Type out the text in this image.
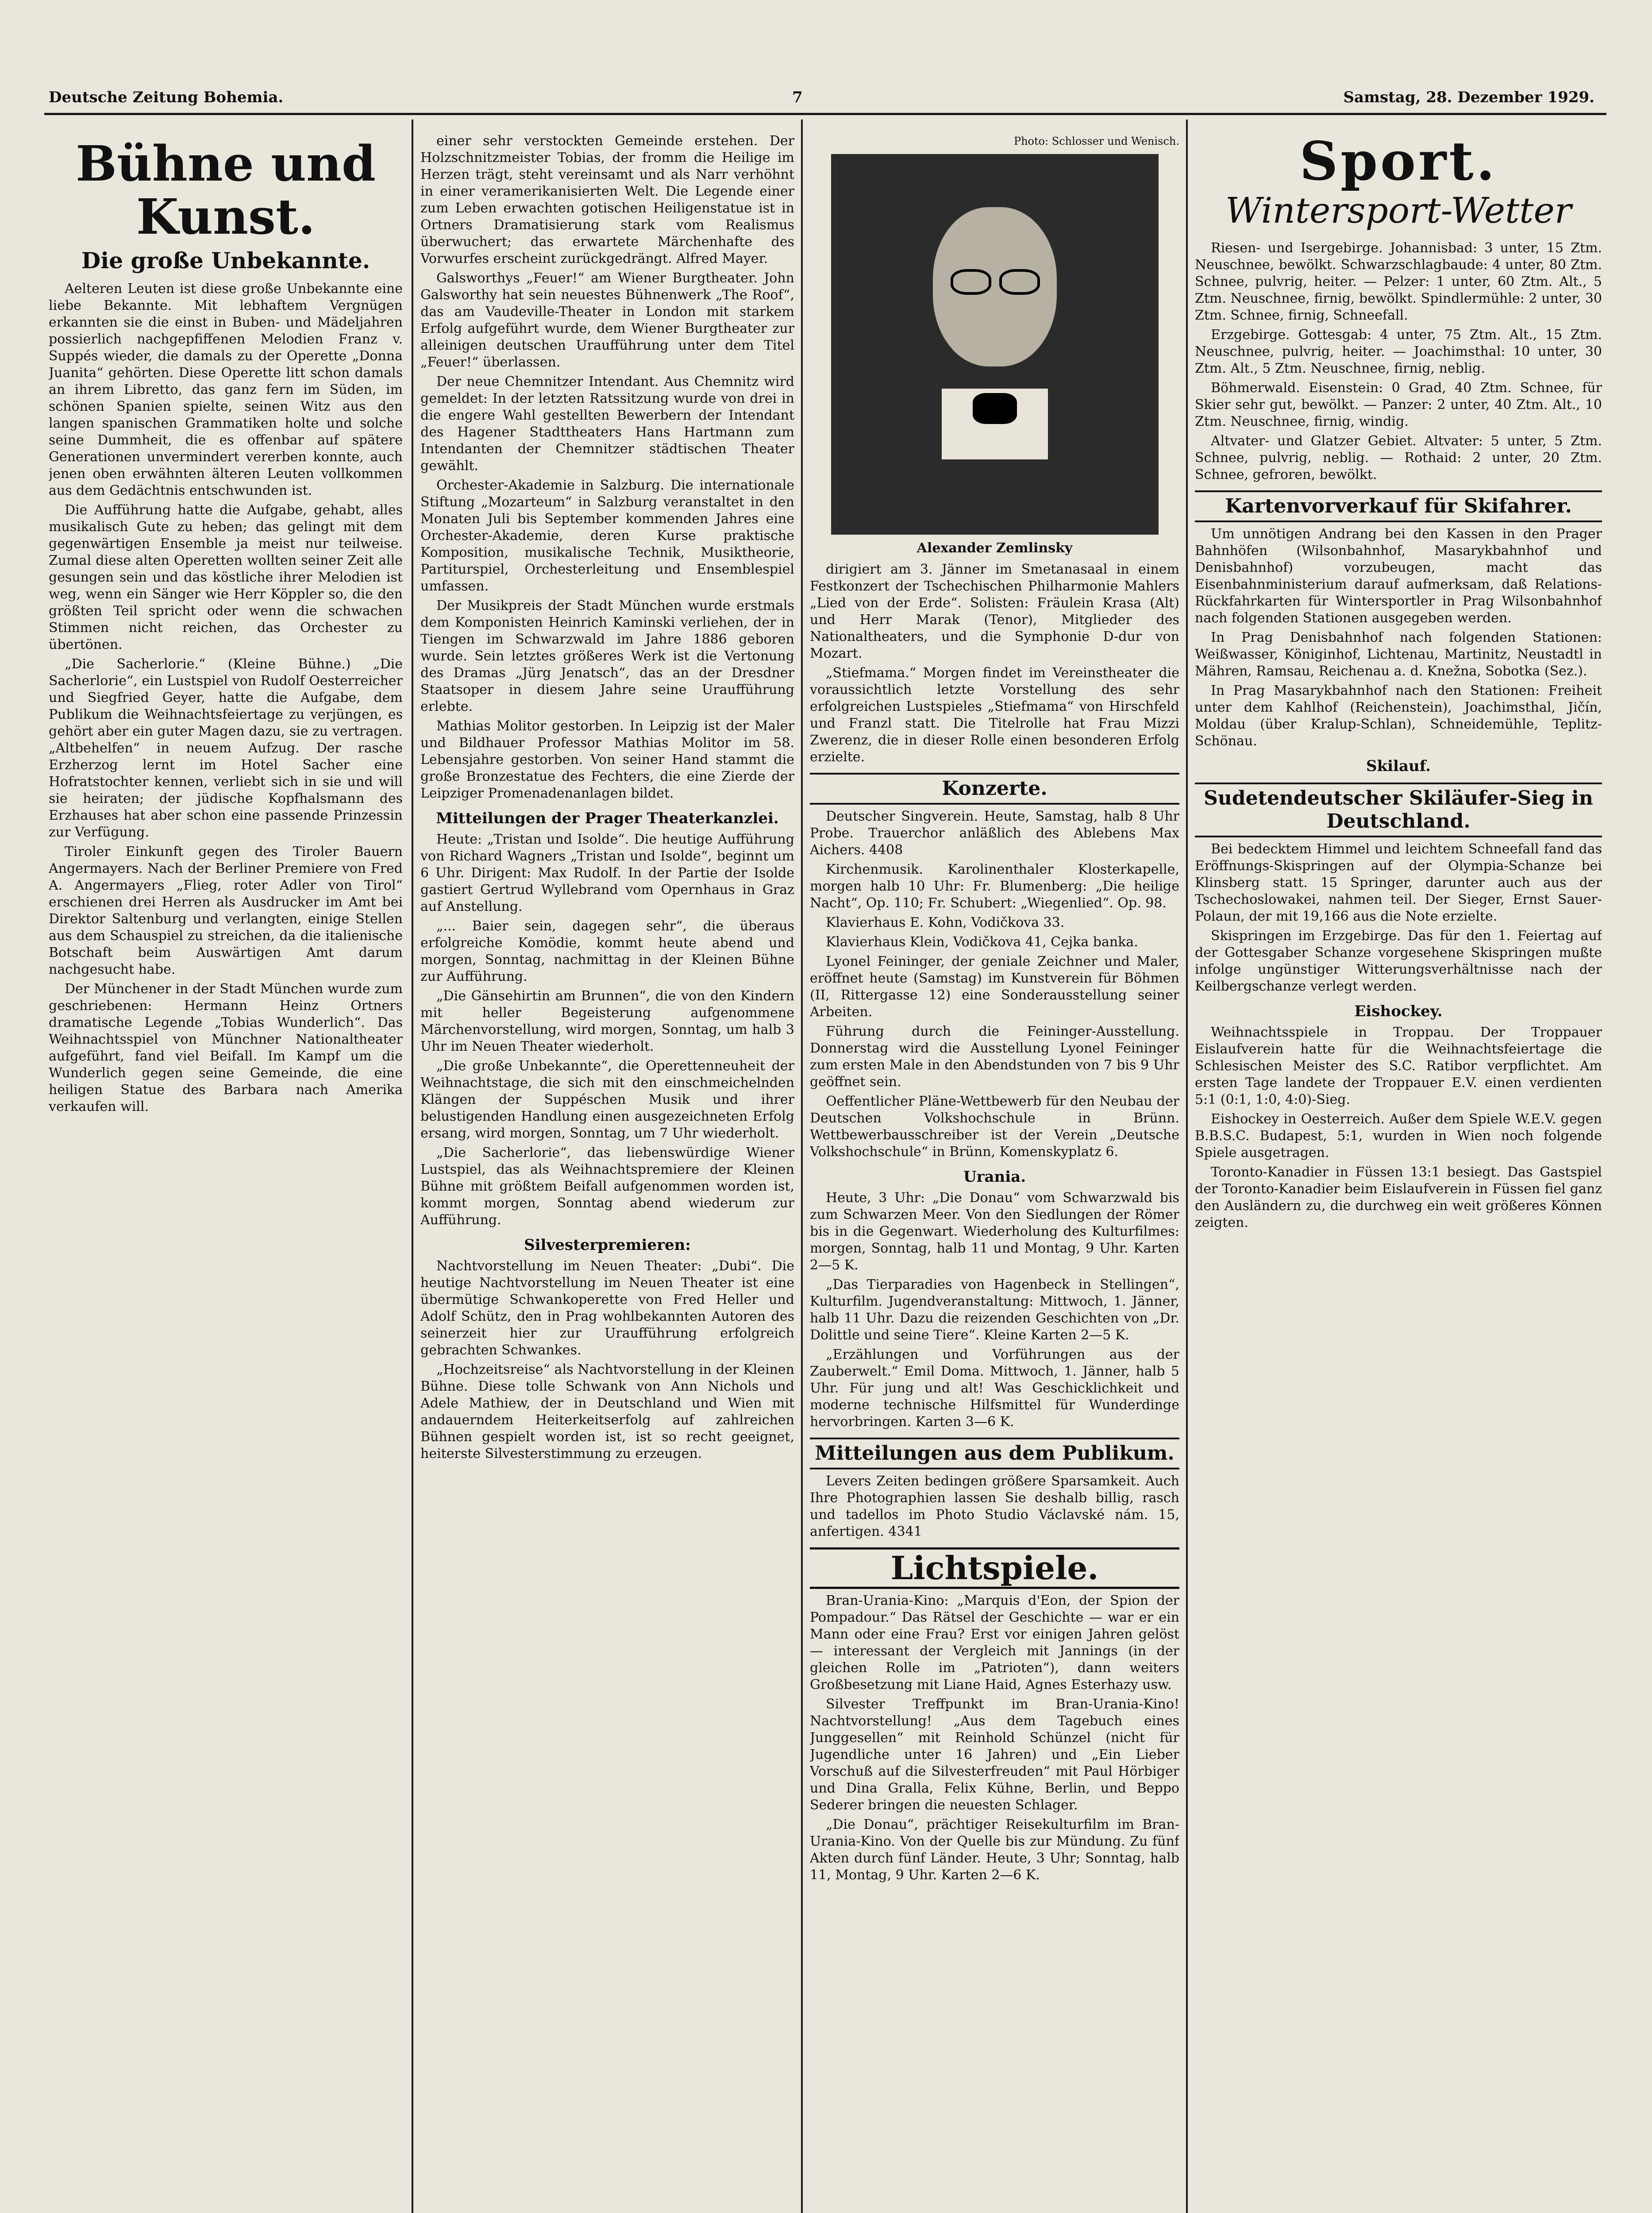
Deutsche Zeitung Bohemia.	7	Samstag, 28. Dezember 1929.
Bühne und Kunst.
Die große Unbekannte.

Aelteren Leuten ist diese große Unbekannte eine liebe Bekannte. Mit lebhaftem Vergnügen erkannten sie die einst in Buben- und Mädeljahren possierlich nachgepfiffenen Melodien Franz v. Suppés wieder, die damals zu der Operette „Donna Juanita“ gehörten. Diese Operette litt schon damals an ihrem Libretto, das ganz fern im Süden, im schönen Spanien spielte, seinen Witz aus den langen spanischen Grammatiken holte und solche seine Dummheit, die es offenbar auf spätere Generationen unvermindert vererben konnte, auch jenen oben erwähnten älteren Leuten vollkommen aus dem Gedächtnis entschwunden ist.

Die Aufführung hatte die Aufgabe, gehabt, alles musikalisch Gute zu heben; das gelingt mit dem gegenwärtigen Ensemble ja meist nur teilweise. Zumal diese alten Operetten wollten seiner Zeit alle gesungen sein und das köstliche ihrer Melodien ist weg, wenn ein Sänger wie Herr Köppler so, die den größten Teil spricht oder wenn die schwachen Stimmen nicht reichen, das Orchester zu übertönen.

„Die Sacherlorie.“ (Kleine Bühne.) „Die Sacherlorie“, ein Lustspiel von Rudolf Oesterreicher und Siegfried Geyer, hatte die Aufgabe, dem Publikum die Weihnachtsfeiertage zu verjüngen, es gehört aber ein guter Magen dazu, sie zu vertragen. „Altbehelfen“ in neuem Aufzug. Der rasche Erzherzog lernt im Hotel Sacher eine Hofratstochter kennen, verliebt sich in sie und will sie heiraten; der jüdische Kopfhalsmann des Erzhauses hat aber schon eine passende Prinzessin zur Verfügung.

Tiroler Einkunft gegen des Tiroler Bauern Angermayers. Nach der Berliner Premiere von Fred A. Angermayers „Flieg, roter Adler von Tirol“ erschienen drei Herren als Ausdrucker im Amt bei Direktor Saltenburg und verlangten, einige Stellen aus dem Schauspiel zu streichen, da die italienische Botschaft beim Auswärtigen Amt darum nachgesucht habe.

Der Münchener in der Stadt München wurde zum geschriebenen: Hermann Heinz Ortners dramatische Legende „Tobias Wunderlich“. Das Weihnachtsspiel von Münchner Nationaltheater aufgeführt, fand viel Beifall. Im Kampf um die Wunderlich gegen seine Gemeinde, die eine heiligen Statue des Barbara nach Amerika verkaufen will.

einer sehr verstockten Gemeinde erstehen. Der Holzschnitzmeister Tobias, der fromm die Heilige im Herzen trägt, steht vereinsamt und als Narr verhöhnt in einer veramerikanisierten Welt. Die Legende einer zum Leben erwachten gotischen Heiligenstatue ist in Ortners Dramatisierung stark vom Realismus überwuchert; das erwartete Märchenhafte des Vorwurfes erscheint zurückgedrängt. Alfred Mayer.

Galsworthys „Feuer!“ am Wiener Burgtheater. John Galsworthy hat sein neuestes Bühnenwerk „The Roof“, das am Vaudeville-Theater in London mit starkem Erfolg aufgeführt wurde, dem Wiener Burgtheater zur alleinigen deutschen Uraufführung unter dem Titel „Feuer!“ überlassen.

Der neue Chemnitzer Intendant. Aus Chemnitz wird gemeldet: In der letzten Ratssitzung wurde von drei in die engere Wahl gestellten Bewerbern der Intendant des Hagener Stadttheaters Hans Hartmann zum Intendanten der Chemnitzer städtischen Theater gewählt.

Orchester-Akademie in Salzburg. Die internationale Stiftung „Mozarteum“ in Salzburg veranstaltet in den Monaten Juli bis September kommenden Jahres eine Orchester-Akademie, deren Kurse praktische Komposition, musikalische Technik, Musiktheorie, Partiturspiel, Orchesterleitung und Ensemblespiel umfassen.

Der Musikpreis der Stadt München wurde erstmals dem Komponisten Heinrich Kaminski verliehen, der in Tiengen im Schwarzwald im Jahre 1886 geboren wurde. Sein letztes größeres Werk ist die Vertonung des Dramas „Jürg Jenatsch“, das an der Dresdner Staatsoper in diesem Jahre seine Uraufführung erlebte.

Mathias Molitor gestorben. In Leipzig ist der Maler und Bildhauer Professor Mathias Molitor im 58. Lebensjahre gestorben. Von seiner Hand stammt die große Bronzestatue des Fechters, die eine Zierde der Leipziger Promenadenanlagen bildet.

Mitteilungen der Prager Theaterkanzlei.

Heute: „Tristan und Isolde“. Die heutige Aufführung von Richard Wagners „Tristan und Isolde“, beginnt um 6 Uhr. Dirigent: Max Rudolf. In der Partie der Isolde gastiert Gertrud Wyllebrand vom Opernhaus in Graz auf Anstellung.

„... Baier sein, dagegen sehr“, die überaus erfolgreiche Komödie, kommt heute abend und morgen, Sonntag, nachmittag in der Kleinen Bühne zur Aufführung.

„Die Gänsehirtin am Brunnen“, die von den Kindern mit heller Begeisterung aufgenommene Märchenvorstellung, wird morgen, Sonntag, um halb 3 Uhr im Neuen Theater wiederholt.

„Die große Unbekannte“, die Operettenneuheit der Weihnachtstage, die sich mit den einschmeichelnden Klängen der Suppéschen Musik und ihrer belustigenden Handlung einen ausgezeichneten Erfolg ersang, wird morgen, Sonntag, um 7 Uhr wiederholt.

„Die Sacherlorie“, das liebenswürdige Wiener Lustspiel, das als Weihnachtspremiere der Kleinen Bühne mit größtem Beifall aufgenommen worden ist, kommt morgen, Sonntag abend wiederum zur Aufführung.

Silvesterpremieren:

Nachtvorstellung im Neuen Theater: „Dubi“. Die heutige Nachtvorstellung im Neuen Theater ist eine übermütige Schwankoperette von Fred Heller und Adolf Schütz, den in Prag wohlbekannten Autoren des seinerzeit hier zur Uraufführung erfolgreich gebrachten Schwankes.

„Hochzeitsreise“ als Nachtvorstellung in der Kleinen Bühne. Diese tolle Schwank von Ann Nichols und Adele Mathiew, der in Deutschland und Wien mit andauerndem Heiterkeitserfolg auf zahlreichen Bühnen gespielt worden ist, ist so recht geeignet, heiterste Silvesterstimmung zu erzeugen.

Photo: Schlosser und Wenisch.
Alexander Zemlinsky

dirigiert am 3. Jänner im Smetanasaal in einem Festkonzert der Tschechischen Philharmonie Mahlers „Lied von der Erde“. Solisten: Fräulein Krasa (Alt) und Herr Marak (Tenor), Mitglieder des Nationaltheaters, und die Symphonie D-dur von Mozart.

„Stiefmama.“ Morgen findet im Vereinstheater die voraussichtlich letzte Vorstellung des sehr erfolgreichen Lustspieles „Stiefmama“ von Hirschfeld und Franzl statt. Die Titelrolle hat Frau Mizzi Zwerenz, die in dieser Rolle einen besonderen Erfolg erzielte.

Konzerte.

Deutscher Singverein. Heute, Samstag, halb 8 Uhr Probe. Trauerchor anläßlich des Ablebens Max Aichers. 4408

Kirchenmusik. Karolinenthaler Klosterkapelle, morgen halb 10 Uhr: Fr. Blumenberg: „Die heilige Nacht“, Op. 110; Fr. Schubert: „Wiegenlied“. Op. 98.

Klavierhaus E. Kohn, Vodičkova 33.

Klavierhaus Klein, Vodičkova 41, Cejka banka.

Lyonel Feininger, der geniale Zeichner und Maler, eröffnet heute (Samstag) im Kunstverein für Böhmen (II, Rittergasse 12) eine Sonderausstellung seiner Arbeiten.

Führung durch die Feininger-Ausstellung. Donnerstag wird die Ausstellung Lyonel Feininger zum ersten Male in den Abendstunden von 7 bis 9 Uhr geöffnet sein.

Oeffentlicher Pläne-Wettbewerb für den Neubau der Deutschen Volkshochschule in Brünn. Wettbewerbausschreiber ist der Verein „Deutsche Volkshochschule“ in Brünn, Komenskyplatz 6.

Urania.

Heute, 3 Uhr: „Die Donau“ vom Schwarzwald bis zum Schwarzen Meer. Von den Siedlungen der Römer bis in die Gegenwart. Wiederholung des Kulturfilmes: morgen, Sonntag, halb 11 und Montag, 9 Uhr. Karten 2—5 K.

„Das Tierparadies von Hagenbeck in Stellingen“, Kulturfilm. Jugendveranstaltung: Mittwoch, 1. Jänner, halb 11 Uhr. Dazu die reizenden Geschichten von „Dr. Dolittle und seine Tiere“. Kleine Karten 2—5 K.

„Erzählungen und Vorführungen aus der Zauberwelt.“ Emil Doma. Mittwoch, 1. Jänner, halb 5 Uhr. Für jung und alt! Was Geschicklichkeit und moderne technische Hilfsmittel für Wunderdinge hervorbringen. Karten 3—6 K.

Mitteilungen aus dem Publikum.

Levers Zeiten bedingen größere Sparsamkeit. Auch Ihre Photographien lassen Sie deshalb billig, rasch und tadellos im Photo Studio Václavské nám. 15, anfertigen. 4341

Lichtspiele.

Bran-Urania-Kino: „Marquis d'Eon, der Spion der Pompadour.“ Das Rätsel der Geschichte — war er ein Mann oder eine Frau? Erst vor einigen Jahren gelöst — interessant der Vergleich mit Jannings (in der gleichen Rolle im „Patrioten“), dann weiters Großbesetzung mit Liane Haid, Agnes Esterhazy usw.

Silvester Treffpunkt im Bran-Urania-Kino! Nachtvorstellung! „Aus dem Tagebuch eines Junggesellen“ mit Reinhold Schünzel (nicht für Jugendliche unter 16 Jahren) und „Ein Lieber Vorschuß auf die Silvesterfreuden“ mit Paul Hörbiger und Dina Gralla, Felix Kühne, Berlin, und Beppo Sederer bringen die neuesten Schlager.

„Die Donau“, prächtiger Reisekulturfilm im Bran-Urania-Kino. Von der Quelle bis zur Mündung. Zu fünf Akten durch fünf Länder. Heute, 3 Uhr; Sonntag, halb 11, Montag, 9 Uhr. Karten 2—6 K.

Sport.
Wintersport-Wetter

Riesen- und Isergebirge. Johannisbad: 3 unter, 15 Ztm. Neuschnee, bewölkt. Schwarzschlagbaude: 4 unter, 80 Ztm. Schnee, pulvrig, heiter. — Pelzer: 1 unter, 60 Ztm. Alt., 5 Ztm. Neuschnee, firnig, bewölkt. Spindlermühle: 2 unter, 30 Ztm. Schnee, firnig, Schneefall.

Erzgebirge. Gottesgab: 4 unter, 75 Ztm. Alt., 15 Ztm. Neuschnee, pulvrig, heiter. — Joachimsthal: 10 unter, 30 Ztm. Alt., 5 Ztm. Neuschnee, firnig, neblig.

Böhmerwald. Eisenstein: 0 Grad, 40 Ztm. Schnee, für Skier sehr gut, bewölkt. — Panzer: 2 unter, 40 Ztm. Alt., 10 Ztm. Neuschnee, firnig, windig.

Altvater- und Glatzer Gebiet. Altvater: 5 unter, 5 Ztm. Schnee, pulvrig, neblig. — Rothaid: 2 unter, 20 Ztm. Schnee, gefroren, bewölkt.

Kartenvorverkauf für Skifahrer.

Um unnötigen Andrang bei den Kassen in den Prager Bahnhöfen (Wilsonbahnhof, Masarykbahnhof und Denisbahnhof) vorzubeugen, macht das Eisenbahnministerium darauf aufmerksam, daß Relations-Rückfahrkarten für Wintersportler in Prag Wilsonbahnhof nach folgenden Stationen ausgegeben werden.

In Prag Denisbahnhof nach folgenden Stationen: Weißwasser, Königinhof, Lichtenau, Martinitz, Neustadtl in Mähren, Ramsau, Reichenau a. d. Knežna, Sobotka (Sez.).

In Prag Masarykbahnhof nach den Stationen: Freiheit unter dem Kahlhof (Reichenstein), Joachimsthal, Jičín, Moldau (über Kralup-Schlan), Schneidemühle, Teplitz-Schönau.

Skilauf.
Sudetendeutscher Skiläufer-Sieg in Deutschland.

Bei bedecktem Himmel und leichtem Schneefall fand das Eröffnungs-Skispringen auf der Olympia-Schanze bei Klinsberg statt. 15 Springer, darunter auch aus der Tschechoslowakei, nahmen teil. Der Sieger, Ernst Sauer-Polaun, der mit 19,166 aus die Note erzielte.

Skispringen im Erzgebirge. Das für den 1. Feiertag auf der Gottesgaber Schanze vorgesehene Skispringen mußte infolge ungünstiger Witterungsverhältnisse nach der Keilbergschanze verlegt werden.

Eishockey.

Weihnachtsspiele in Troppau. Der Troppauer Eislaufverein hatte für die Weihnachtsfeiertage die Schlesischen Meister des S.C. Ratibor verpflichtet. Am ersten Tage landete der Troppauer E.V. einen verdienten 5:1 (0:1, 1:0, 4:0)-Sieg.

Eishockey in Oesterreich. Außer dem Spiele W.E.V. gegen B.B.S.C. Budapest, 5:1, wurden in Wien noch folgende Spiele ausgetragen.

Toronto-Kanadier in Füssen 13:1 besiegt. Das Gastspiel der Toronto-Kanadier beim Eislaufverein in Füssen fiel ganz den Ausländern zu, die durchweg ein weit größeres Können zeigten.
